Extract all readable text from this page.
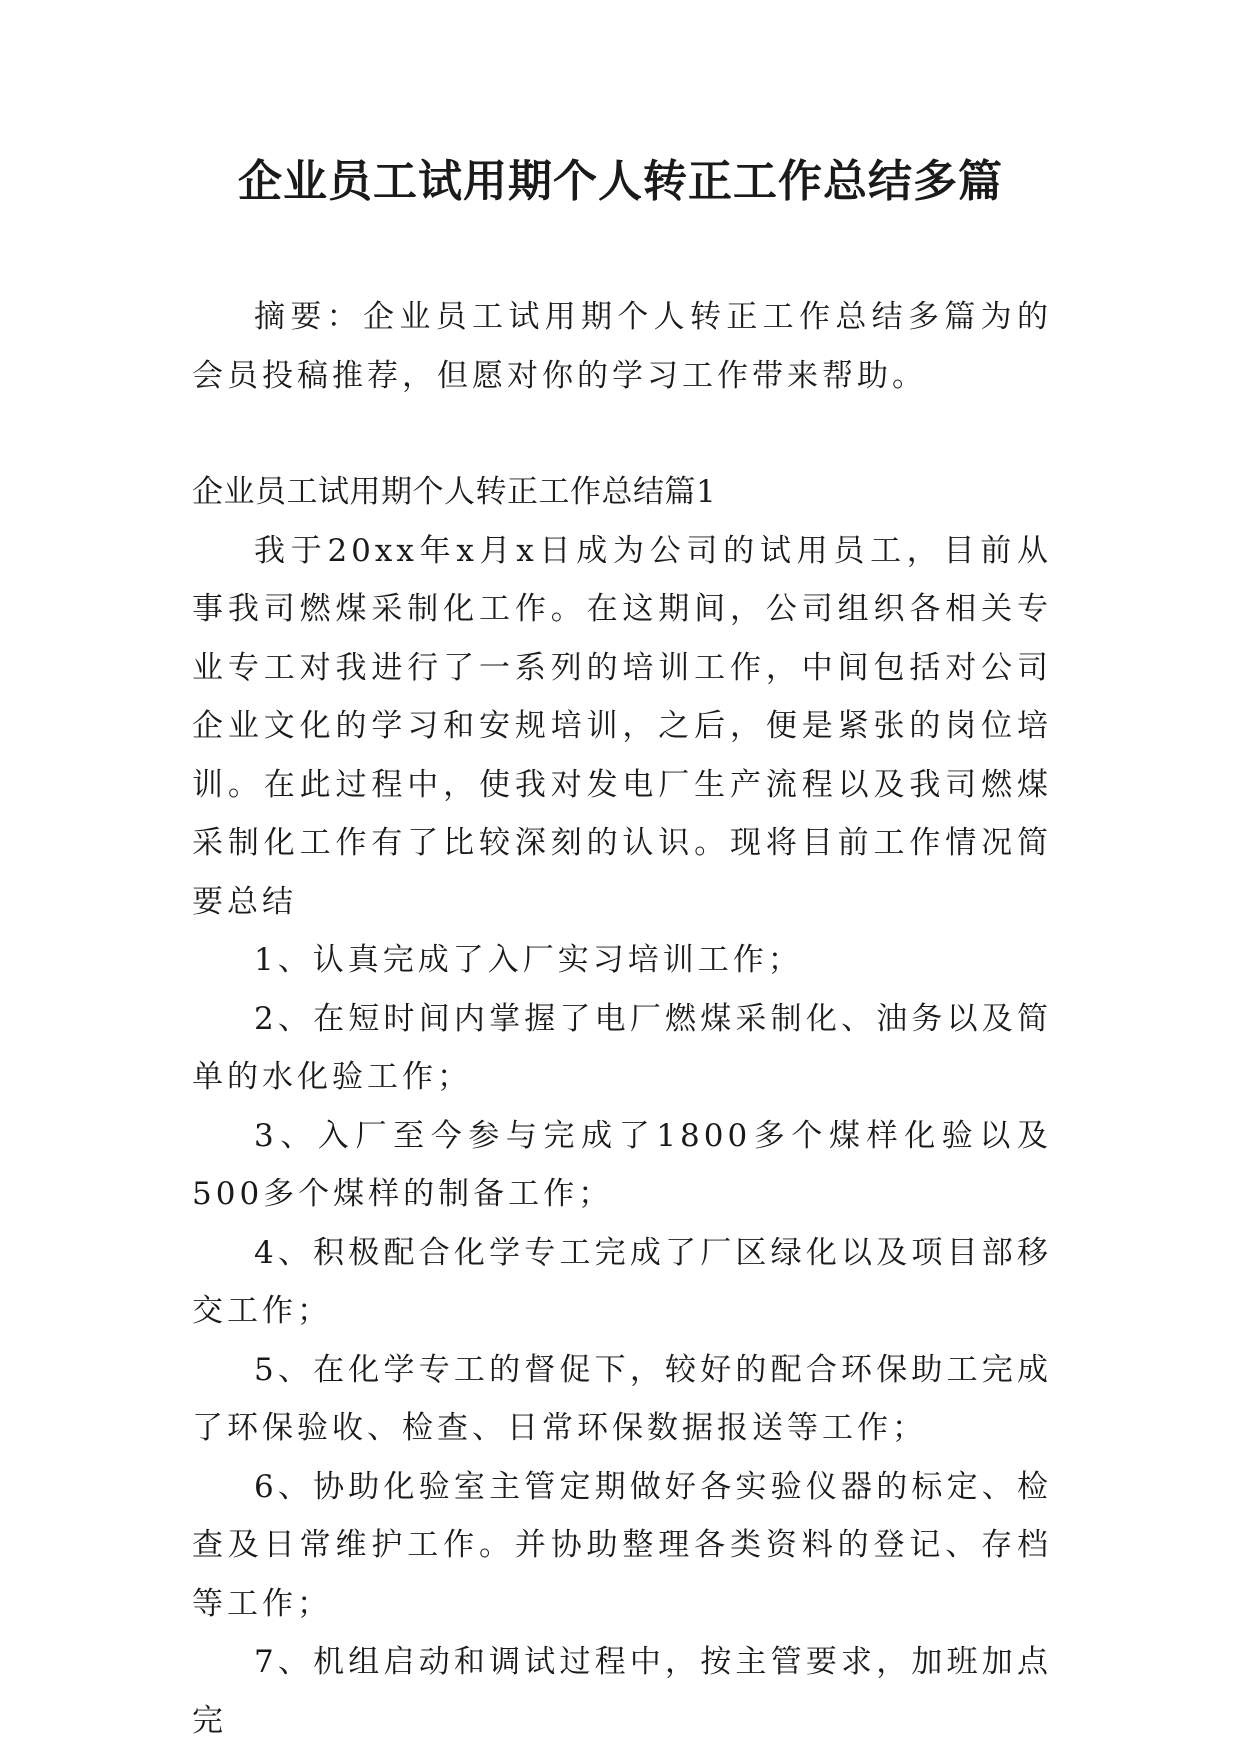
企业员工试用期个人转正工作总结多篇

摘要：企业员工试用期个人转正工作总结多篇为的会员投稿推荐，但愿对你的学习工作带来帮助。

企业员工试用期个人转正工作总结篇1

我于20xx年x月x日成为公司的试用员工，目前从事我司燃煤采制化工作。在这期间，公司组织各相关专业专工对我进行了一系列的培训工作，中间包括对公司企业文化的学习和安规培训，之后，便是紧张的岗位培训。在此过程中，使我对发电厂生产流程以及我司燃煤采制化工作有了比较深刻的认识。现将目前工作情况简要总结

1、认真完成了入厂实习培训工作；

2、在短时间内掌握了电厂燃煤采制化、油务以及简单的水化验工作；

3、入厂至今参与完成了1800多个煤样化验以及500多个煤样的制备工作；

4、积极配合化学专工完成了厂区绿化以及项目部移交工作；

5、在化学专工的督促下，较好的配合环保助工完成了环保验收、检查、日常环保数据报送等工作；

6、协助化验室主管定期做好各实验仪器的标定、检查及日常维护工作。并协助整理各类资料的登记、存档等工作；

7、机组启动和调试过程中，按主管要求，加班加点完
